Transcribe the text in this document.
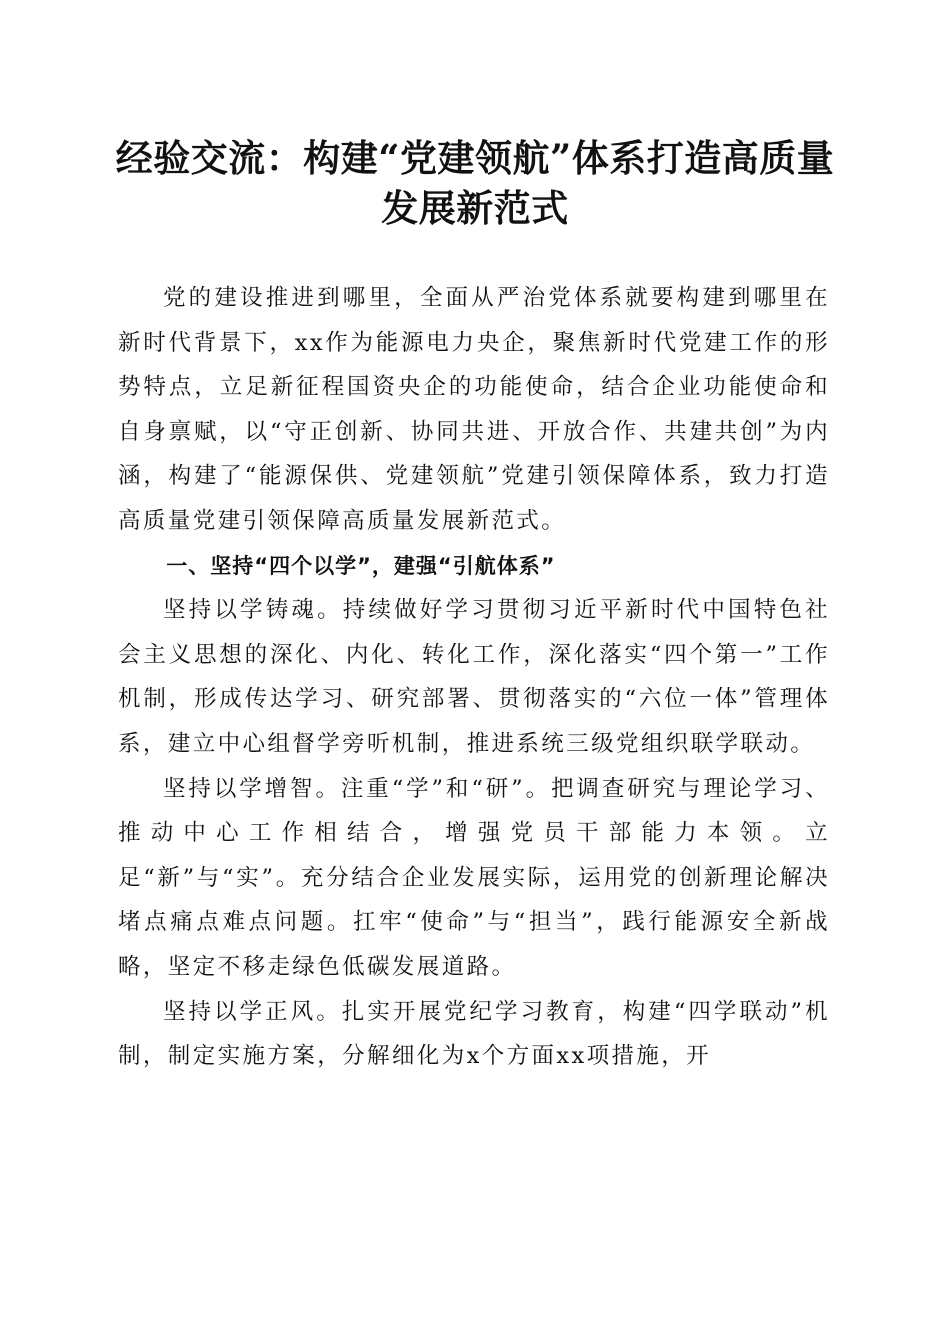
经验交流：构建“党建领航”体系打造高质量发展新范式

党的建设推进到哪里，全面从严治党体系就要构建到哪里在新时代背景下，xx作为能源电力央企，聚焦新时代党建工作的形势特点，立足新征程国资央企的功能使命，结合企业功能使命和自身禀赋，以“守正创新、协同共进、开放合作、共建共创”为内涵，构建了“能源保供、党建领航”党建引领保障体系，致力打造高质量党建引领保障高质量发展新范式。

一、坚持“四个以学”，建强“引航体系”

坚持以学铸魂。持续做好学习贯彻习近平新时代中国特色社会主义思想的深化、内化、转化工作，深化落实“四个第一”工作机制，形成传达学习、研究部署、贯彻落实的“六位一体”管理体系，建立中心组督学旁听机制，推进系统三级党组织联学联动。

坚持以学增智。注重“学”和“研”。把调查研究与理论学习、推动中心工作相结合，增强党员干部能力本领。立足“新”与“实”。充分结合企业发展实际，运用党的创新理论解决堵点痛点难点问题。扛牢“使命”与“担当”，践行能源安全新战略，坚定不移走绿色低碳发展道路。

坚持以学正风。扎实开展党纪学习教育，构建“四学联动”机制，制定实施方案，分解细化为x个方面xx项措施，开
